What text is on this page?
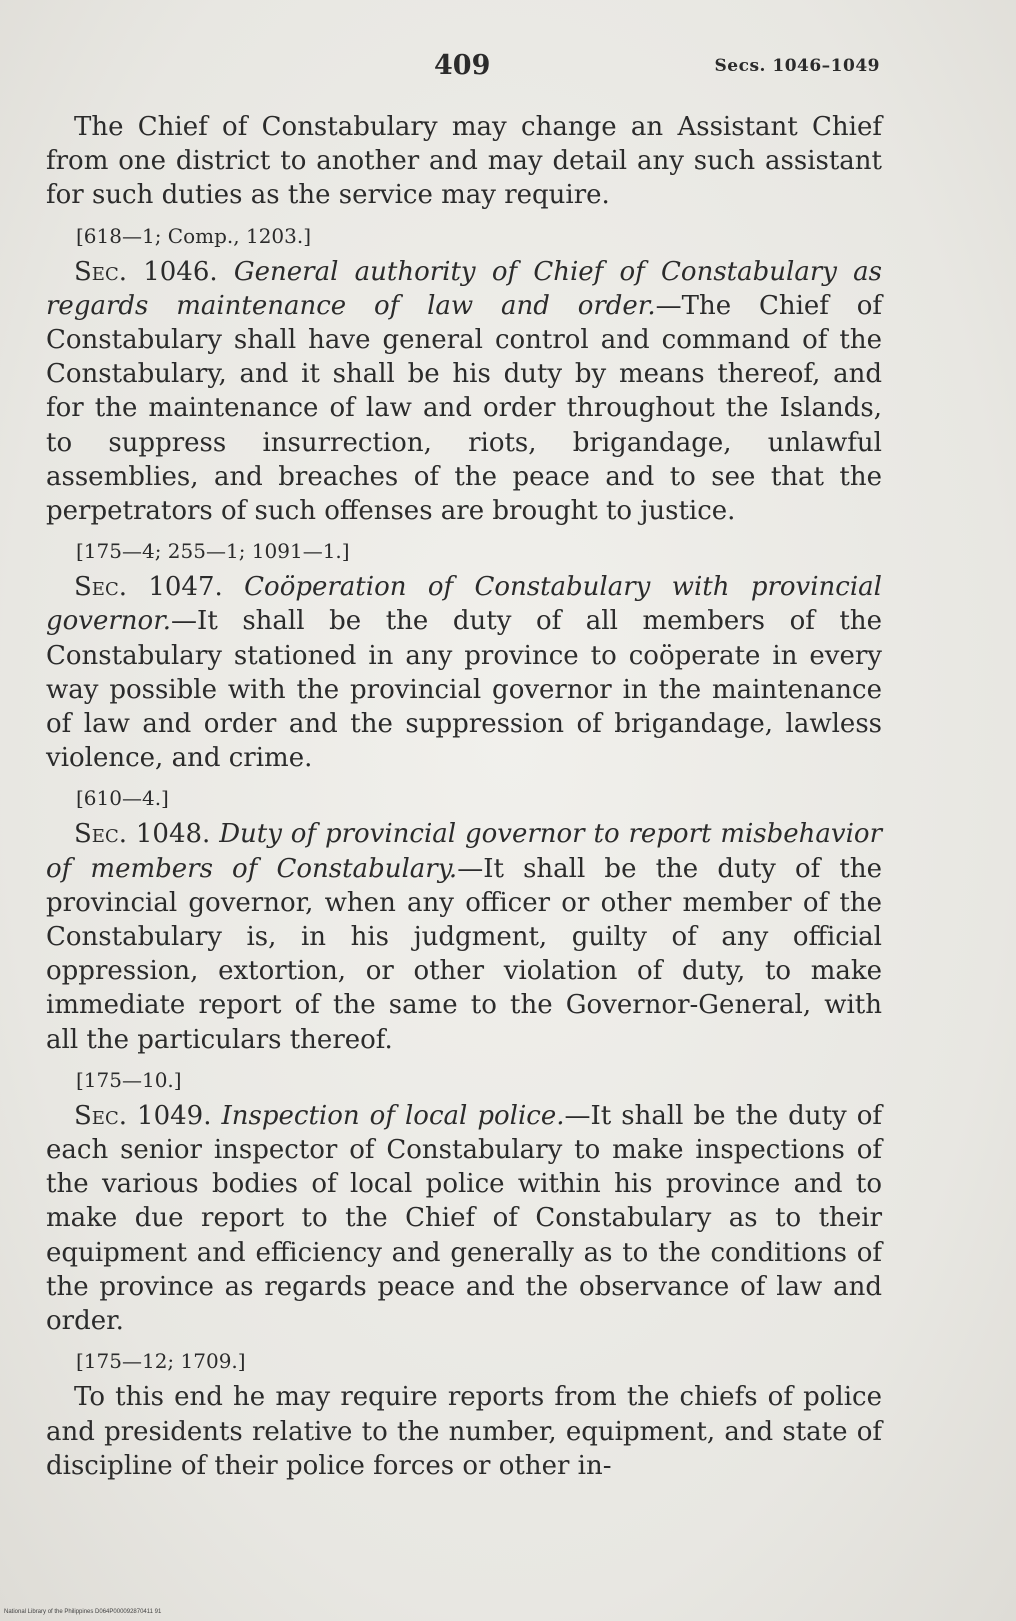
409	Secs. 1046–1049

The Chief of Constabulary may change an Assistant Chief from one district to another and may detail any such assistant for such duties as the service may require.

[618—1; Comp., 1203.]

Sec. 1046. General authority of Chief of Constabulary as regards maintenance of law and order.—The Chief of Constabulary shall have general control and command of the Constabulary, and it shall be his duty by means thereof, and for the maintenance of law and order throughout the Islands, to suppress insurrection, riots, brigandage, unlawful assemblies, and breaches of the peace and to see that the perpetrators of such offenses are brought to justice.

[175—4; 255—1; 1091—1.]

Sec. 1047. Coöperation of Constabulary with provincial governor.—It shall be the duty of all members of the Constabulary stationed in any province to coöperate in every way possible with the provincial governor in the maintenance of law and order and the suppression of brigandage, lawless violence, and crime.

[610—4.]

Sec. 1048. Duty of provincial governor to report misbehavior of members of Constabulary.—It shall be the duty of the provincial governor, when any officer or other member of the Constabulary is, in his judgment, guilty of any official oppression, extortion, or other violation of duty, to make immediate report of the same to the Governor-General, with all the particulars thereof.

[175—10.]

Sec. 1049. Inspection of local police.—It shall be the duty of each senior inspector of Constabulary to make inspections of the various bodies of local police within his province and to make due report to the Chief of Constabulary as to their equipment and efficiency and generally as to the conditions of the province as regards peace and the observance of law and order.

[175—12; 1709.]

To this end he may require reports from the chiefs of police and presidents relative to the number, equipment, and state of discipline of their police forces or other in-

National Library of the Philippines D064P000092870411 91
